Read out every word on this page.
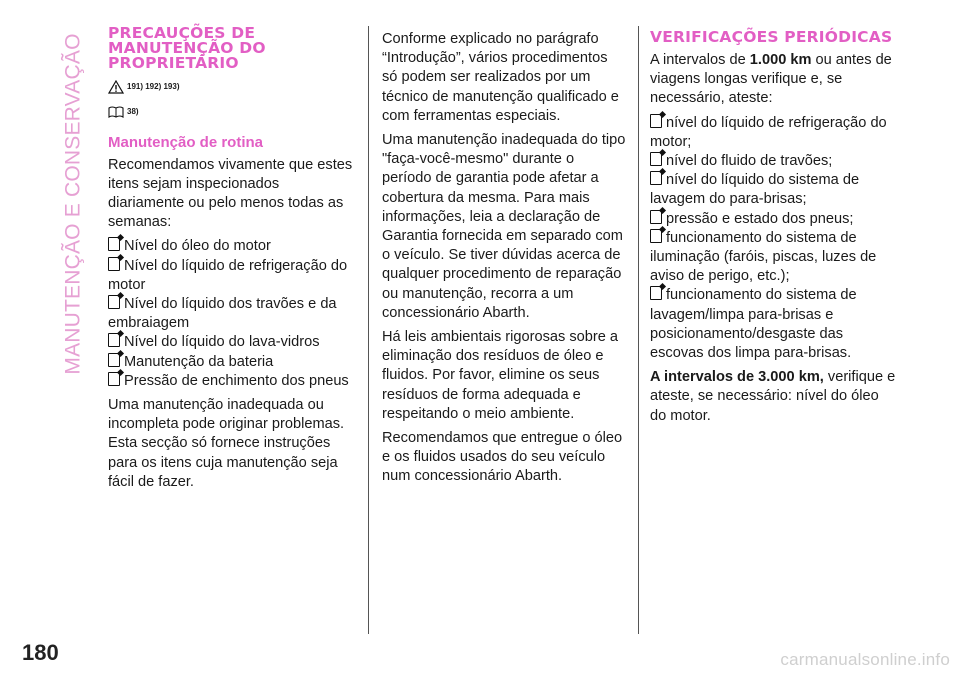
MANUTENÇÃO E CONSERVAÇÃO
PRECAUÇÕES DE MANUTENÇÃO DO PROPRIETÁRIO
191) 192) 193)
38)
Manutenção de rotina

Recomendamos vivamente que estes itens sejam inspecionados diariamente ou pelo menos todas as semanas:

Nível do óleo do motor
Nível do líquido de refrigeração do motor
Nível do líquido dos travões e da embraiagem
Nível do líquido do lava-vidros
Manutenção da bateria
Pressão de enchimento dos pneus

Uma manutenção inadequada ou incompleta pode originar problemas. Esta secção só fornece instruções para os itens cuja manutenção seja fácil de fazer.

Conforme explicado no parágrafo “Introdução”, vários procedimentos só podem ser realizados por um técnico de manutenção qualificado e com ferramentas especiais.

Uma manutenção inadequada do tipo "faça-você-mesmo" durante o período de garantia pode afetar a cobertura da mesma. Para mais informações, leia a declaração de Garantia fornecida em separado com o veículo. Se tiver dúvidas acerca de qualquer procedimento de reparação ou manutenção, recorra a um concessionário Abarth.

Há leis ambientais rigorosas sobre a eliminação dos resíduos de óleo e fluidos. Por favor, elimine os seus resíduos de forma adequada e respeitando o meio ambiente.

Recomendamos que entregue o óleo e os fluidos usados do seu veículo num concessionário Abarth.

VERIFICAÇÕES PERIÓDICAS

A intervalos de 1.000 km ou antes de viagens longas verifique e, se necessário, ateste:

nível do líquido de refrigeração do motor;
nível do fluido de travões;
nível do líquido do sistema de lavagem do para-brisas;
pressão e estado dos pneus;
funcionamento do sistema de iluminação (faróis, piscas, luzes de aviso de perigo, etc.);
funcionamento do sistema de lavagem/limpa para-brisas e posicionamento/desgaste das escovas dos limpa para-brisas.

A intervalos de 3.000 km, verifique e ateste, se necessário: nível do óleo do motor.

180	carmanualsonline.info
